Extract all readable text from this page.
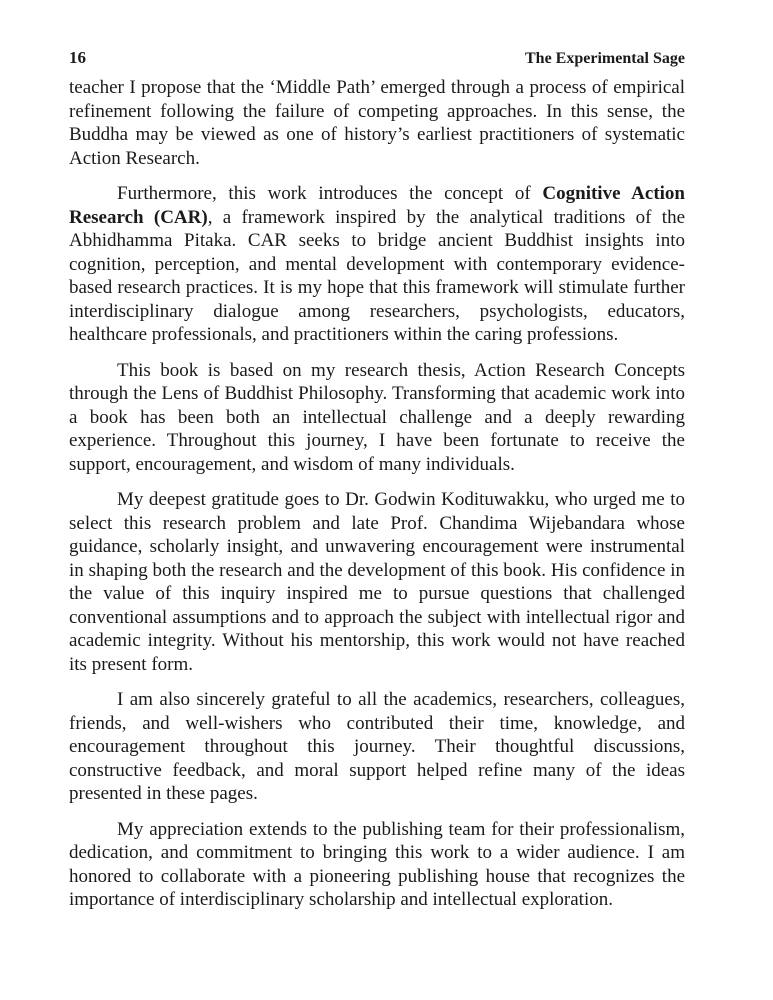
16	The Experimental Sage

teacher I propose that the ‘Middle Path’ emerged through a process of empirical refinement following the failure of competing approaches. In this sense, the Buddha may be viewed as one of history’s earliest practitioners of systematic Action Research.

Furthermore, this work introduces the concept of Cognitive Action Research (CAR), a framework inspired by the analytical traditions of the Abhidhamma Pitaka. CAR seeks to bridge ancient Buddhist insights into cognition, perception, and mental development with contemporary evidence-based research practices. It is my hope that this framework will stimulate further interdisciplinary dialogue among researchers, psychologists, educators, healthcare professionals, and practitioners within the caring professions.

This book is based on my research thesis, Action Research Concepts through the Lens of Buddhist Philosophy. Transforming that academic work into a book has been both an intellectual challenge and a deeply rewarding experience. Throughout this journey, I have been fortunate to receive the support, encouragement, and wisdom of many individuals.

My deepest gratitude goes to Dr. Godwin Kodituwakku, who urged me to select this research problem and late Prof. Chandima Wijebandara whose guidance, scholarly insight, and unwavering encouragement were instrumental in shaping both the research and the development of this book. His confidence in the value of this inquiry inspired me to pursue questions that challenged conventional assumptions and to approach the subject with intellectual rigor and academic integrity. Without his mentorship, this work would not have reached its present form.

I am also sincerely grateful to all the academics, researchers, colleagues, friends, and well-wishers who contributed their time, knowledge, and encouragement throughout this journey. Their thoughtful discussions, constructive feedback, and moral support helped refine many of the ideas presented in these pages.

My appreciation extends to the publishing team for their professionalism, dedication, and commitment to bringing this work to a wider audience. I am honored to collaborate with a pioneering publishing house that recognizes the importance of interdisciplinary scholarship and intellectual exploration.
